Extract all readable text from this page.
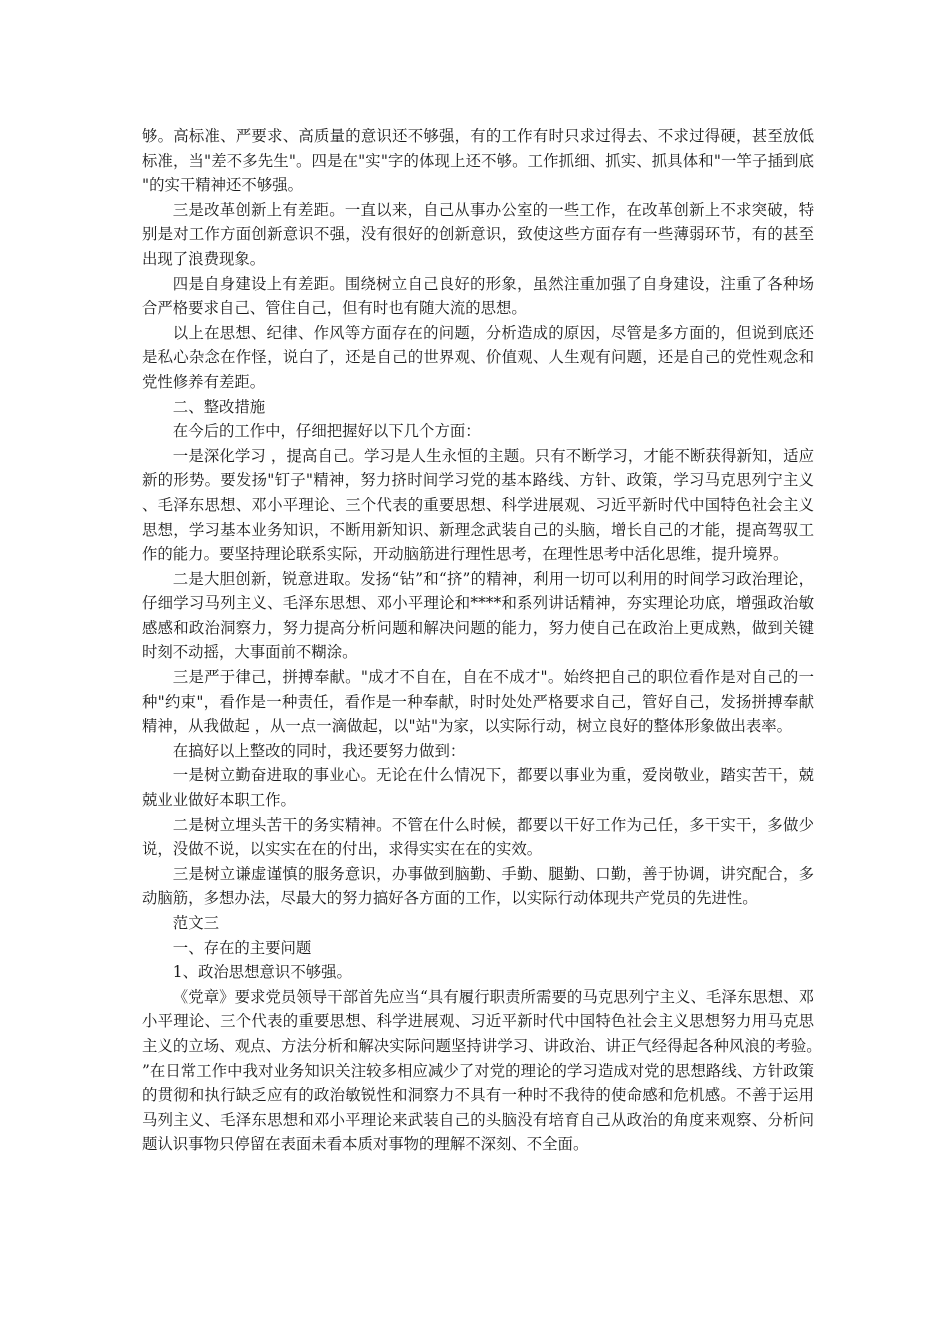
够。高标准、严要求、高质量的意识还不够强，有的工作有时只求过得去、不求过得硬，甚至放低标准，当"差不多先生"。四是在"实"字的体现上还不够。工作抓细、抓实、抓具体和"一竿子插到底"的实干精神还不够强。

三是改革创新上有差距。一直以来，自己从事办公室的一些工作，在改革创新上不求突破，特别是对工作方面创新意识不强，没有很好的创新意识，致使这些方面存有一些薄弱环节，有的甚至出现了浪费现象。

四是自身建设上有差距。围绕树立自己良好的形象，虽然注重加强了自身建设，注重了各种场合严格要求自己、管住自己，但有时也有随大流的思想。

以上在思想、纪律、作风等方面存在的问题，分析造成的原因，尽管是多方面的，但说到底还是私心杂念在作怪，说白了，还是自己的世界观、价值观、人生观有问题，还是自己的党性观念和党性修养有差距。

二、整改措施

在今后的工作中，仔细把握好以下几个方面：

一是深化学习 ，提高自己。学习是人生永恒的主题。只有不断学习，才能不断获得新知，适应新的形势。要发扬"钉子"精神，努力挤时间学习党的基本路线、方针、政策，学习马克思列宁主义、毛泽东思想、邓小平理论、三个代表的重要思想、科学进展观、习近平新时代中国特色社会主义思想，学习基本业务知识，不断用新知识、新理念武装自己的头脑，增长自己的才能，提高驾驭工作的能力。要坚持理论联系实际，开动脑筋进行理性思考，在理性思考中活化思维，提升境界。

二是大胆创新，锐意进取。发扬“钻”和“挤”的精神，利用一切可以利用的时间学习政治理论，仔细学习马列主义、毛泽东思想、邓小平理论和****和系列讲话精神，夯实理论功底，增强政治敏感感和政治洞察力，努力提高分析问题和解决问题的能力，努力使自己在政治上更成熟，做到关键时刻不动摇，大事面前不糊涂。

三是严于律己，拼搏奉献。"成才不自在，自在不成才"。始终把自己的职位看作是对自己的一种"约束"，看作是一种责任，看作是一种奉献，时时处处严格要求自己，管好自己，发扬拼搏奉献精神，从我做起 ，从一点一滴做起，以"站"为家，以实际行动，树立良好的整体形象做出表率。

在搞好以上整改的同时，我还要努力做到：

一是树立勤奋进取的事业心。无论在什么情况下，都要以事业为重，爱岗敬业，踏实苦干，兢兢业业做好本职工作。

二是树立埋头苦干的务实精神。不管在什么时候，都要以干好工作为己任，多干实干，多做少说，没做不说，以实实在在的付出，求得实实在在的实效。

三是树立谦虚谨慎的服务意识，办事做到脑勤、手勤、腿勤、口勤，善于协调，讲究配合，多动脑筋，多想办法，尽最大的努力搞好各方面的工作，以实际行动体现共产党员的先进性。

范文三

一、存在的主要问题

1、政治思想意识不够强。

《党章》要求党员领导干部首先应当“具有履行职责所需要的马克思列宁主义、毛泽东思想、邓小平理论、三个代表的重要思想、科学进展观、习近平新时代中国特色社会主义思想努力用马克思主义的立场、观点、方法分析和解决实际问题坚持讲学习、讲政治、讲正气经得起各种风浪的考验。”在日常工作中我对业务知识关注较多相应减少了对党的理论的学习造成对党的思想路线、方针政策的贯彻和执行缺乏应有的政治敏锐性和洞察力不具有一种时不我待的使命感和危机感。不善于运用马列主义、毛泽东思想和邓小平理论来武装自己的头脑没有培育自己从政治的角度来观察、分析问题认识事物只停留在表面未看本质对事物的理解不深刻、不全面。
